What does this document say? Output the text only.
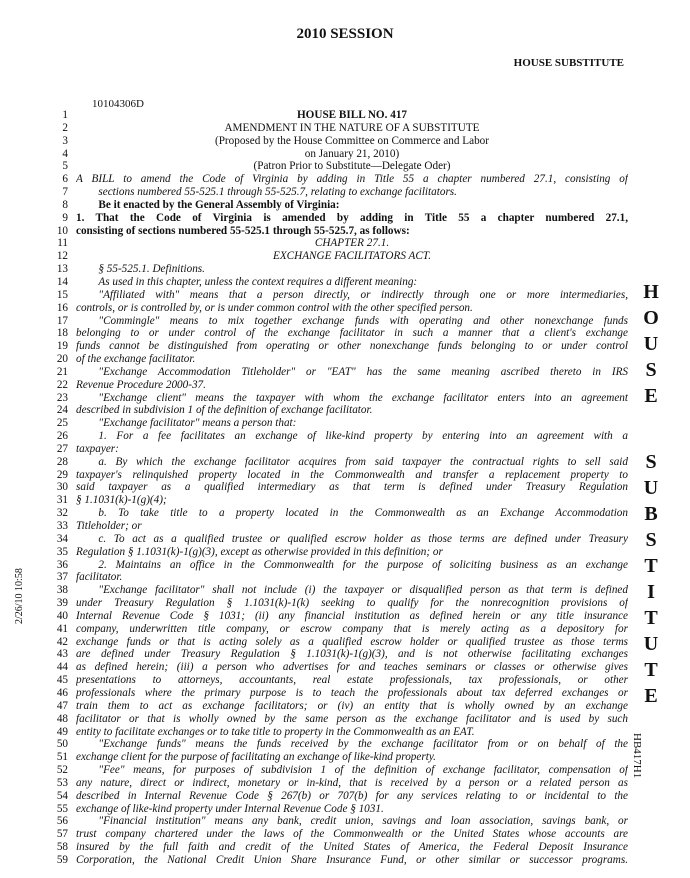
2010 SESSION
HOUSE SUBSTITUTE
10104306D
1	HOUSE BILL NO. 417
2	AMENDMENT IN THE NATURE OF A SUBSTITUTE
3	(Proposed by the House Committee on Commerce and Labor
4	on January 21, 2010)
5	(Patron Prior to Substitute—Delegate Oder)
6 A BILL to amend the Code of Virginia by adding in Title 55 a chapter numbered 27.1, consisting of
7   sections numbered 55-525.1 through 55-525.7, relating to exchange facilitators.
8   Be it enacted by the General Assembly of Virginia:
9 1. That the Code of Virginia is amended by adding in Title 55 a chapter numbered 27.1,
10 consisting of sections numbered 55-525.1 through 55-525.7, as follows:
11	CHAPTER 27.1.
12	EXCHANGE FACILITATORS ACT.
13   § 55-525.1. Definitions.
14   As used in this chapter, unless the context requires a different meaning:
15   "Affiliated with" means that a person directly, or indirectly through one or more intermediaries,
16 controls, or is controlled by, or is under common control with the other specified person.
17   "Commingle" means to mix together exchange funds with operating and other nonexchange funds
18 belonging to or under control of the exchange facilitator in such a manner that a client's exchange
19 funds cannot be distinguished from operating or other nonexchange funds belonging to or under control
20 of the exchange facilitator.
21   "Exchange Accommodation Titleholder" or "EAT" has the same meaning ascribed thereto in IRS
22 Revenue Procedure 2000-37.
23   "Exchange client" means the taxpayer with whom the exchange facilitator enters into an agreement
24 described in subdivision 1 of the definition of exchange facilitator.
25   "Exchange facilitator" means a person that:
26   1. For a fee facilitates an exchange of like-kind property by entering into an agreement with a
27 taxpayer:
28   a. By which the exchange facilitator acquires from said taxpayer the contractual rights to sell said
29 taxpayer's relinquished property located in the Commonwealth and transfer a replacement property to
30 said taxpayer as a qualified intermediary as that term is defined under Treasury Regulation
31 § 1.1031(k)-1(g)(4);
32   b. To take title to a property located in the Commonwealth as an Exchange Accommodation
33 Titleholder; or
34   c. To act as a qualified trustee or qualified escrow holder as those terms are defined under Treasury
35 Regulation § 1.1031(k)-1(g)(3), except as otherwise provided in this definition; or
36   2. Maintains an office in the Commonwealth for the purpose of soliciting business as an exchange
37 facilitator.
38   "Exchange facilitator" shall not include (i) the taxpayer or disqualified person as that term is defined
39 under Treasury Regulation § 1.1031(k)-1(k) seeking to qualify for the nonrecognition provisions of
40 Internal Revenue Code § 1031; (ii) any financial institution as defined herein or any title insurance
41 company, underwritten title company, or escrow company that is merely acting as a depository for
42 exchange funds or that is acting solely as a qualified escrow holder or qualified trustee as those terms
43 are defined under Treasury Regulation § 1.1031(k)-1(g)(3), and is not otherwise facilitating exchanges
44 as defined herein; (iii) a person who advertises for and teaches seminars or classes or otherwise gives
45 presentations to attorneys, accountants, real estate professionals, tax professionals, or other
46 professionals where the primary purpose is to teach the professionals about tax deferred exchanges or
47 train them to act as exchange facilitators; or (iv) an entity that is wholly owned by an exchange
48 facilitator or that is wholly owned by the same person as the exchange facilitator and is used by such
49 entity to facilitate exchanges or to take title to property in the Commonwealth as an EAT.
50   "Exchange funds" means the funds received by the exchange facilitator from or on behalf of the
51 exchange client for the purpose of facilitating an exchange of like-kind property.
52   "Fee" means, for purposes of subdivision 1 of the definition of exchange facilitator, compensation of
53 any nature, direct or indirect, monetary or in-kind, that is received by a person or a related person as
54 described in Internal Revenue Code § 267(b) or 707(b) for any services relating to or incidental to the
55 exchange of like-kind property under Internal Revenue Code § 1031.
56   "Financial institution" means any bank, credit union, savings and loan association, savings bank, or
57 trust company chartered under the laws of the Commonwealth or the United States whose accounts are
58 insured by the full faith and credit of the United States of America, the Federal Deposit Insurance
59 Corporation, the National Credit Union Share Insurance Fund, or other similar or successor programs.
H
O
U
S
E
S
U
B
S
T
I
T
U
T
E
HB417H1
2/26/10 10:58
